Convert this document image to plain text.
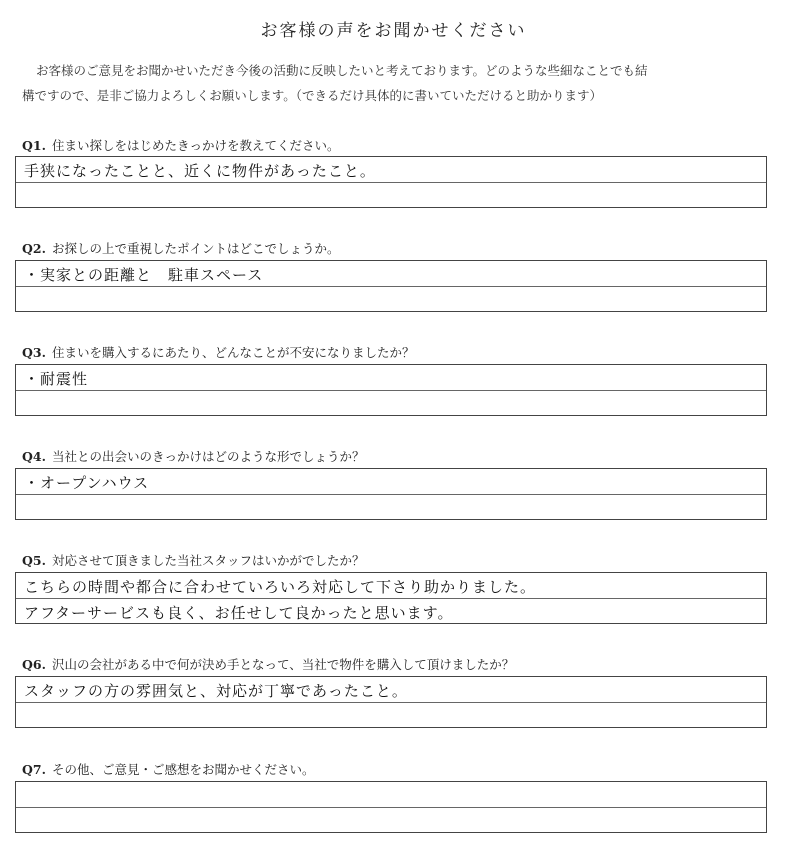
お客様の声をお聞かせください
お客様のご意見をお聞かせいただき今後の活動に反映したいと考えております。どのような些細なことでも結
構ですので、是非ご協力よろしくお願いします。（できるだけ具体的に書いていただけると助かります）
Q1. 住まい探しをはじめたきっかけを教えてください。
手狭になったことと、近くに物件があったこと。
Q2. お探しの上で重視したポイントはどこでしょうか。
・実家との距離と　駐車スペース
Q3. 住まいを購入するにあたり、どんなことが不安になりましたか？
・耐震性
Q4. 当社との出会いのきっかけはどのような形でしょうか？
・オープンハウス
Q5. 対応させて頂きました当社スタッフはいかがでしたか？
こちらの時間や都合に合わせていろいろ対応して下さり助かりました。
アフターサービスも良く、お任せして良かったと思います。
Q6. 沢山の会社がある中で何が決め手となって、当社で物件を購入して頂けましたか？
スタッフの方の雰囲気と、対応が丁寧であったこと。
Q7. その他、ご意見・ご感想をお聞かせください。
